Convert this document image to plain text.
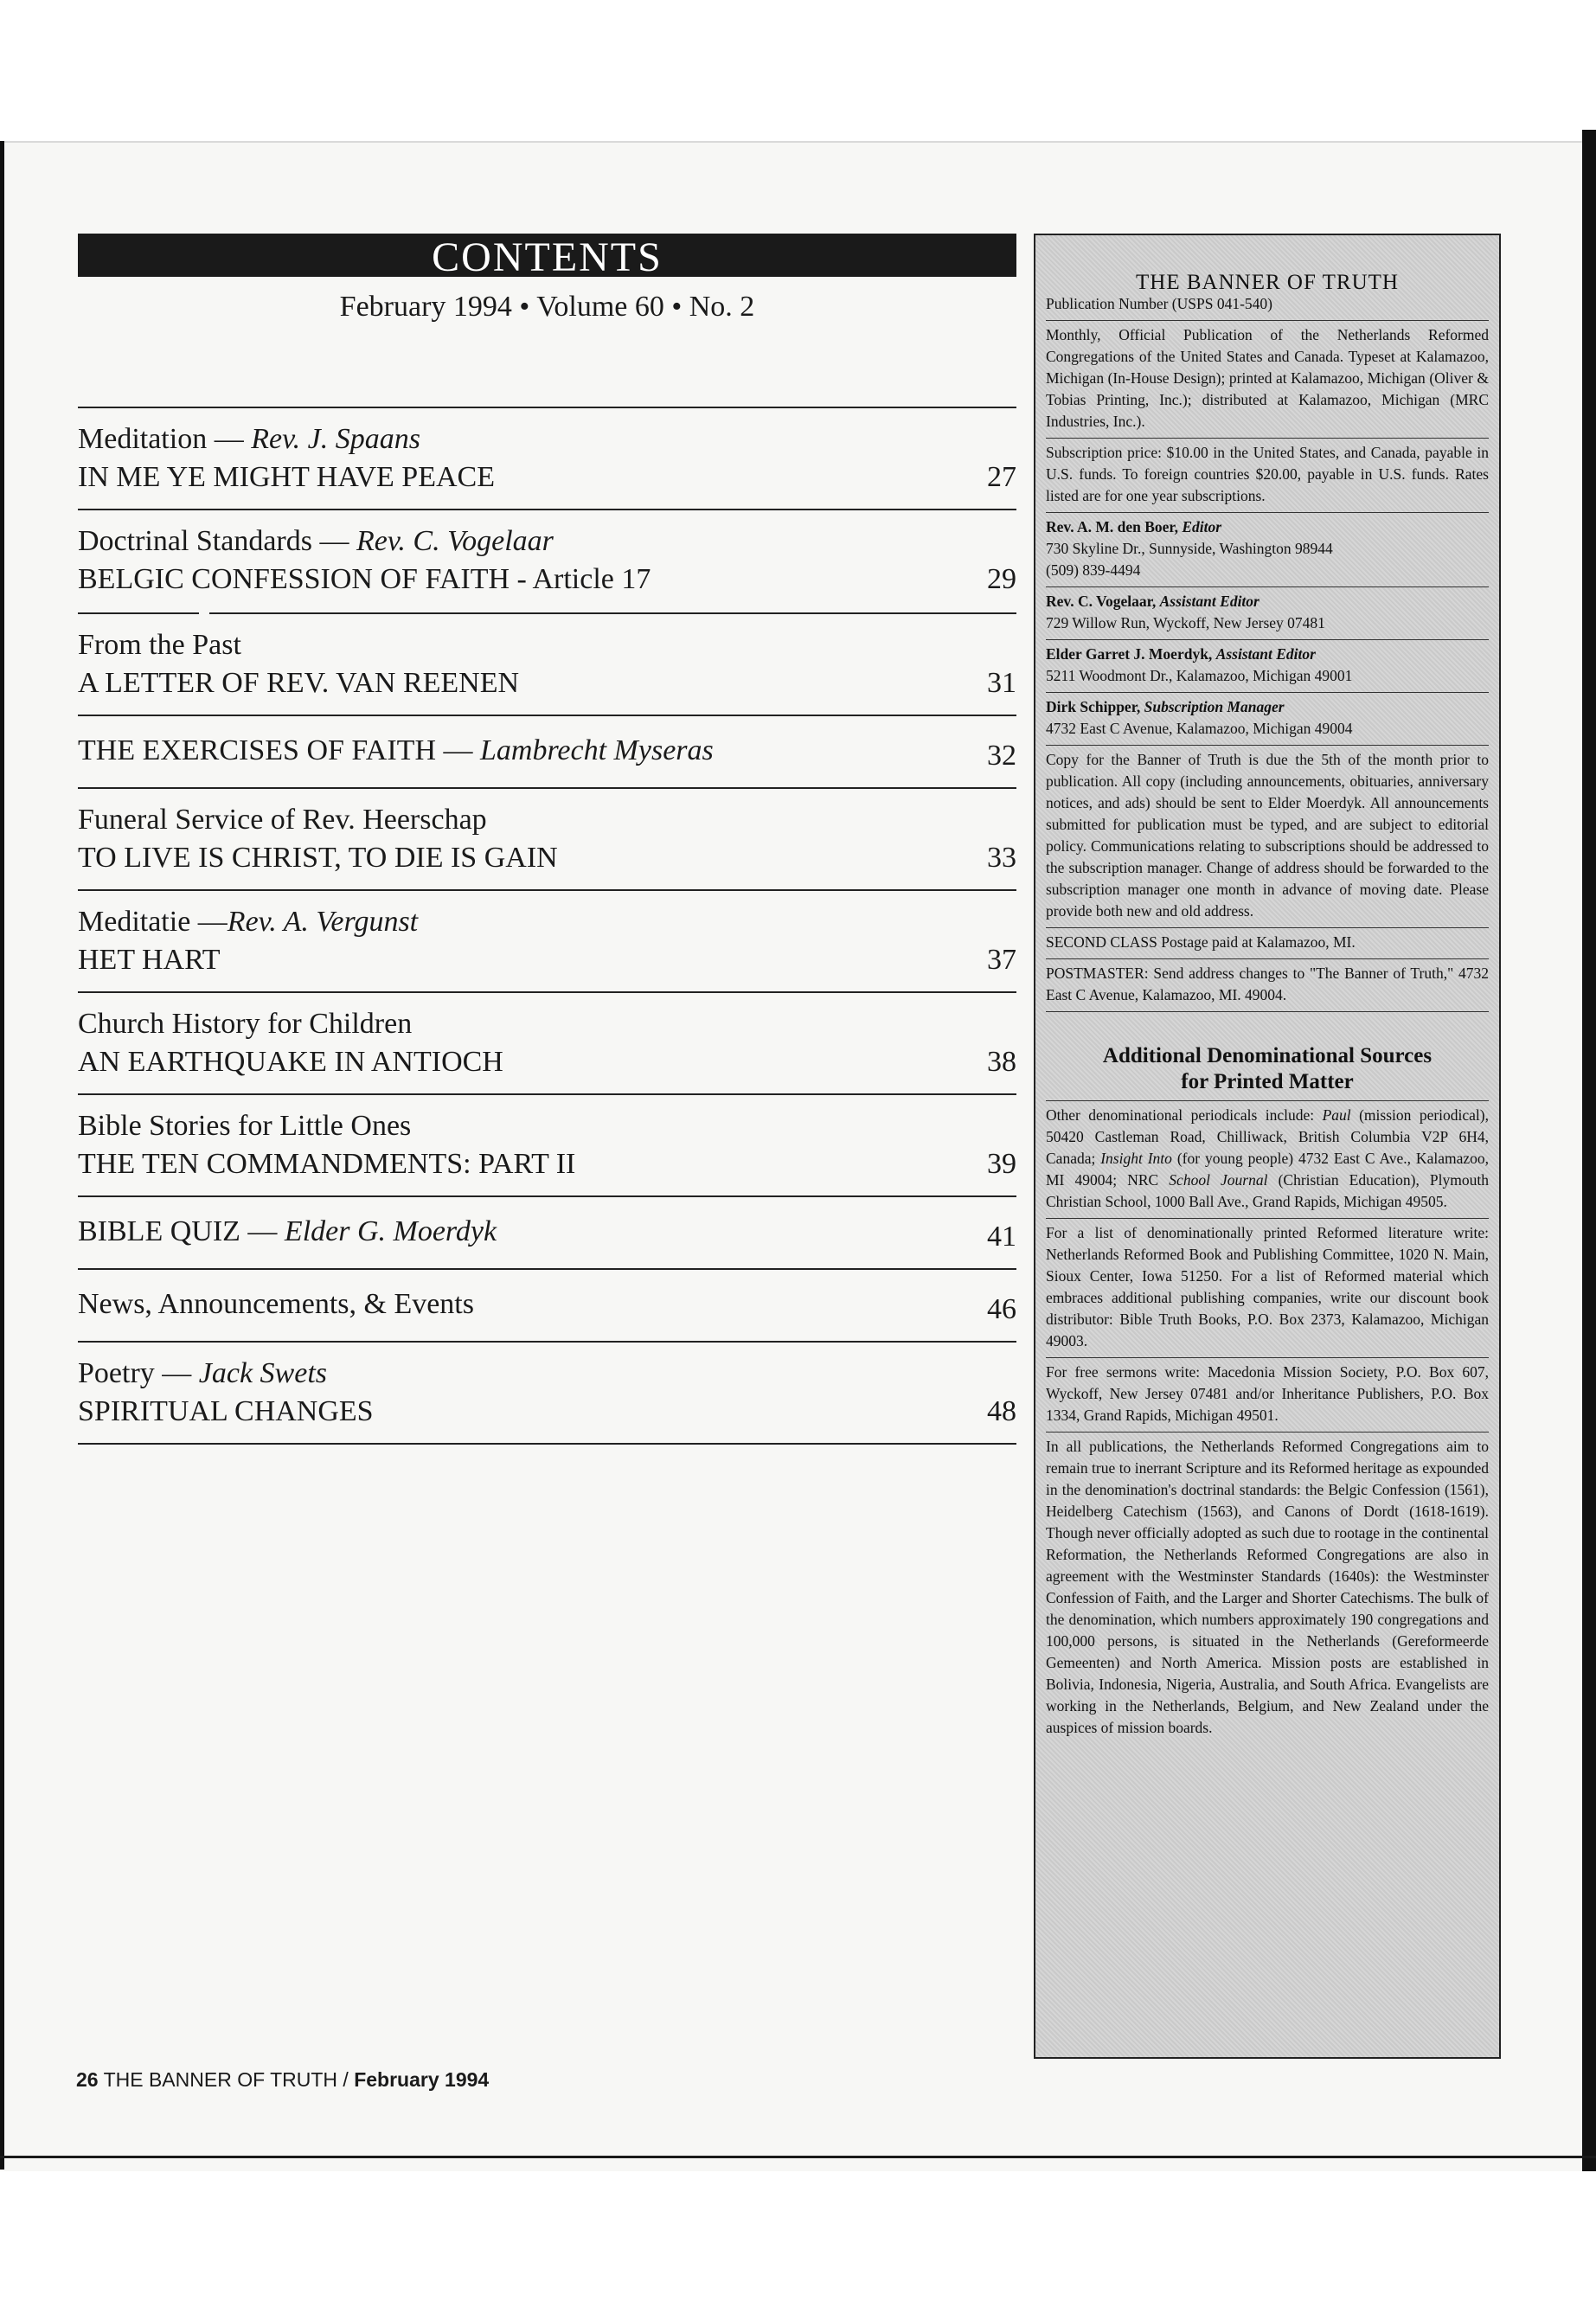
CONTENTS
February 1994 • Volume 60 • No. 2
Meditation — Rev. J. Spaans
IN ME YE MIGHT HAVE PEACE	27
Doctrinal Standards — Rev. C. Vogelaar
BELGIC CONFESSION OF FAITH - Article 17	29
From the Past
A LETTER OF REV. VAN REENEN	31
THE EXERCISES OF FAITH — Lambrecht Myseras	32
Funeral Service of Rev. Heerschap
TO LIVE IS CHRIST, TO DIE IS GAIN	33
Meditatie —Rev. A. Vergunst
HET HART	37
Church History for Children
AN EARTHQUAKE IN ANTIOCH	38
Bible Stories for Little Ones
THE TEN COMMANDMENTS: PART II	39
BIBLE QUIZ — Elder G. Moerdyk	41
News, Announcements, & Events	46
Poetry — Jack Swets
SPIRITUAL CHANGES	48
26 THE BANNER OF TRUTH / February 1994
THE BANNER OF TRUTH

Publication Number (USPS 041-540)

Monthly, Official Publication of the Netherlands Reformed Congregations of the United States and Canada. Typeset at Kalamazoo, Michigan (In-House Design); printed at Kalamazoo, Michigan (Oliver & Tobias Printing, Inc.); distributed at Kalamazoo, Michigan (MRC Industries, Inc.).

Subscription price: $10.00 in the United States, and Canada, payable in U.S. funds. To foreign countries $20.00, payable in U.S. funds. Rates listed are for one year subscriptions.

Rev. A. M. den Boer, Editor
730 Skyline Dr., Sunnyside, Washington 98944
(509) 839-4494

Rev. C. Vogelaar, Assistant Editor
729 Willow Run, Wyckoff, New Jersey 07481

Elder Garret J. Moerdyk, Assistant Editor
5211 Woodmont Dr., Kalamazoo, Michigan 49001

Dirk Schipper, Subscription Manager
4732 East C Avenue, Kalamazoo, Michigan 49004

Copy for the Banner of Truth is due the 5th of the month prior to publication. All copy (including announcements, obituaries, anniversary notices, and ads) should be sent to Elder Moerdyk. All announcements submitted for publication must be typed, and are subject to editorial policy. Communications relating to subscriptions should be addressed to the subscription manager. Change of address should be forwarded to the subscription manager one month in advance of moving date. Please provide both new and old address.

SECOND CLASS Postage paid at Kalamazoo, MI.

POSTMASTER: Send address changes to "The Banner of Truth," 4732 East C Avenue, Kalamazoo, MI. 49004.

Additional Denominational Sources
for Printed Matter

Other denominational periodicals include: Paul (mission periodical), 50420 Castleman Road, Chilliwack, British Columbia V2P 6H4, Canada; Insight Into (for young people) 4732 East C Ave., Kalamazoo, MI 49004; NRC School Journal (Christian Education), Plymouth Christian School, 1000 Ball Ave., Grand Rapids, Michigan 49505.

For a list of denominationally printed Reformed literature write: Netherlands Reformed Book and Publishing Committee, 1020 N. Main, Sioux Center, Iowa 51250. For a list of Reformed material which embraces additional publishing companies, write our discount book distributor: Bible Truth Books, P.O. Box 2373, Kalamazoo, Michigan 49003.

For free sermons write: Macedonia Mission Society, P.O. Box 607, Wyckoff, New Jersey 07481 and/or Inheritance Publishers, P.O. Box 1334, Grand Rapids, Michigan 49501.

In all publications, the Netherlands Reformed Congregations aim to remain true to inerrant Scripture and its Reformed heritage as expounded in the denomination's doctrinal standards: the Belgic Confession (1561), Heidelberg Catechism (1563), and Canons of Dordt (1618-1619). Though never officially adopted as such due to rootage in the continental Reformation, the Netherlands Reformed Congregations are also in agreement with the Westminster Standards (1640s): the Westminster Confession of Faith, and the Larger and Shorter Catechisms. The bulk of the denomination, which numbers approximately 190 congregations and 100,000 persons, is situated in the Netherlands (Gereformeerde Gemeenten) and North America. Mission posts are established in Bolivia, Indonesia, Nigeria, Australia, and South Africa. Evangelists are working in the Netherlands, Belgium, and New Zealand under the auspices of mission boards.
